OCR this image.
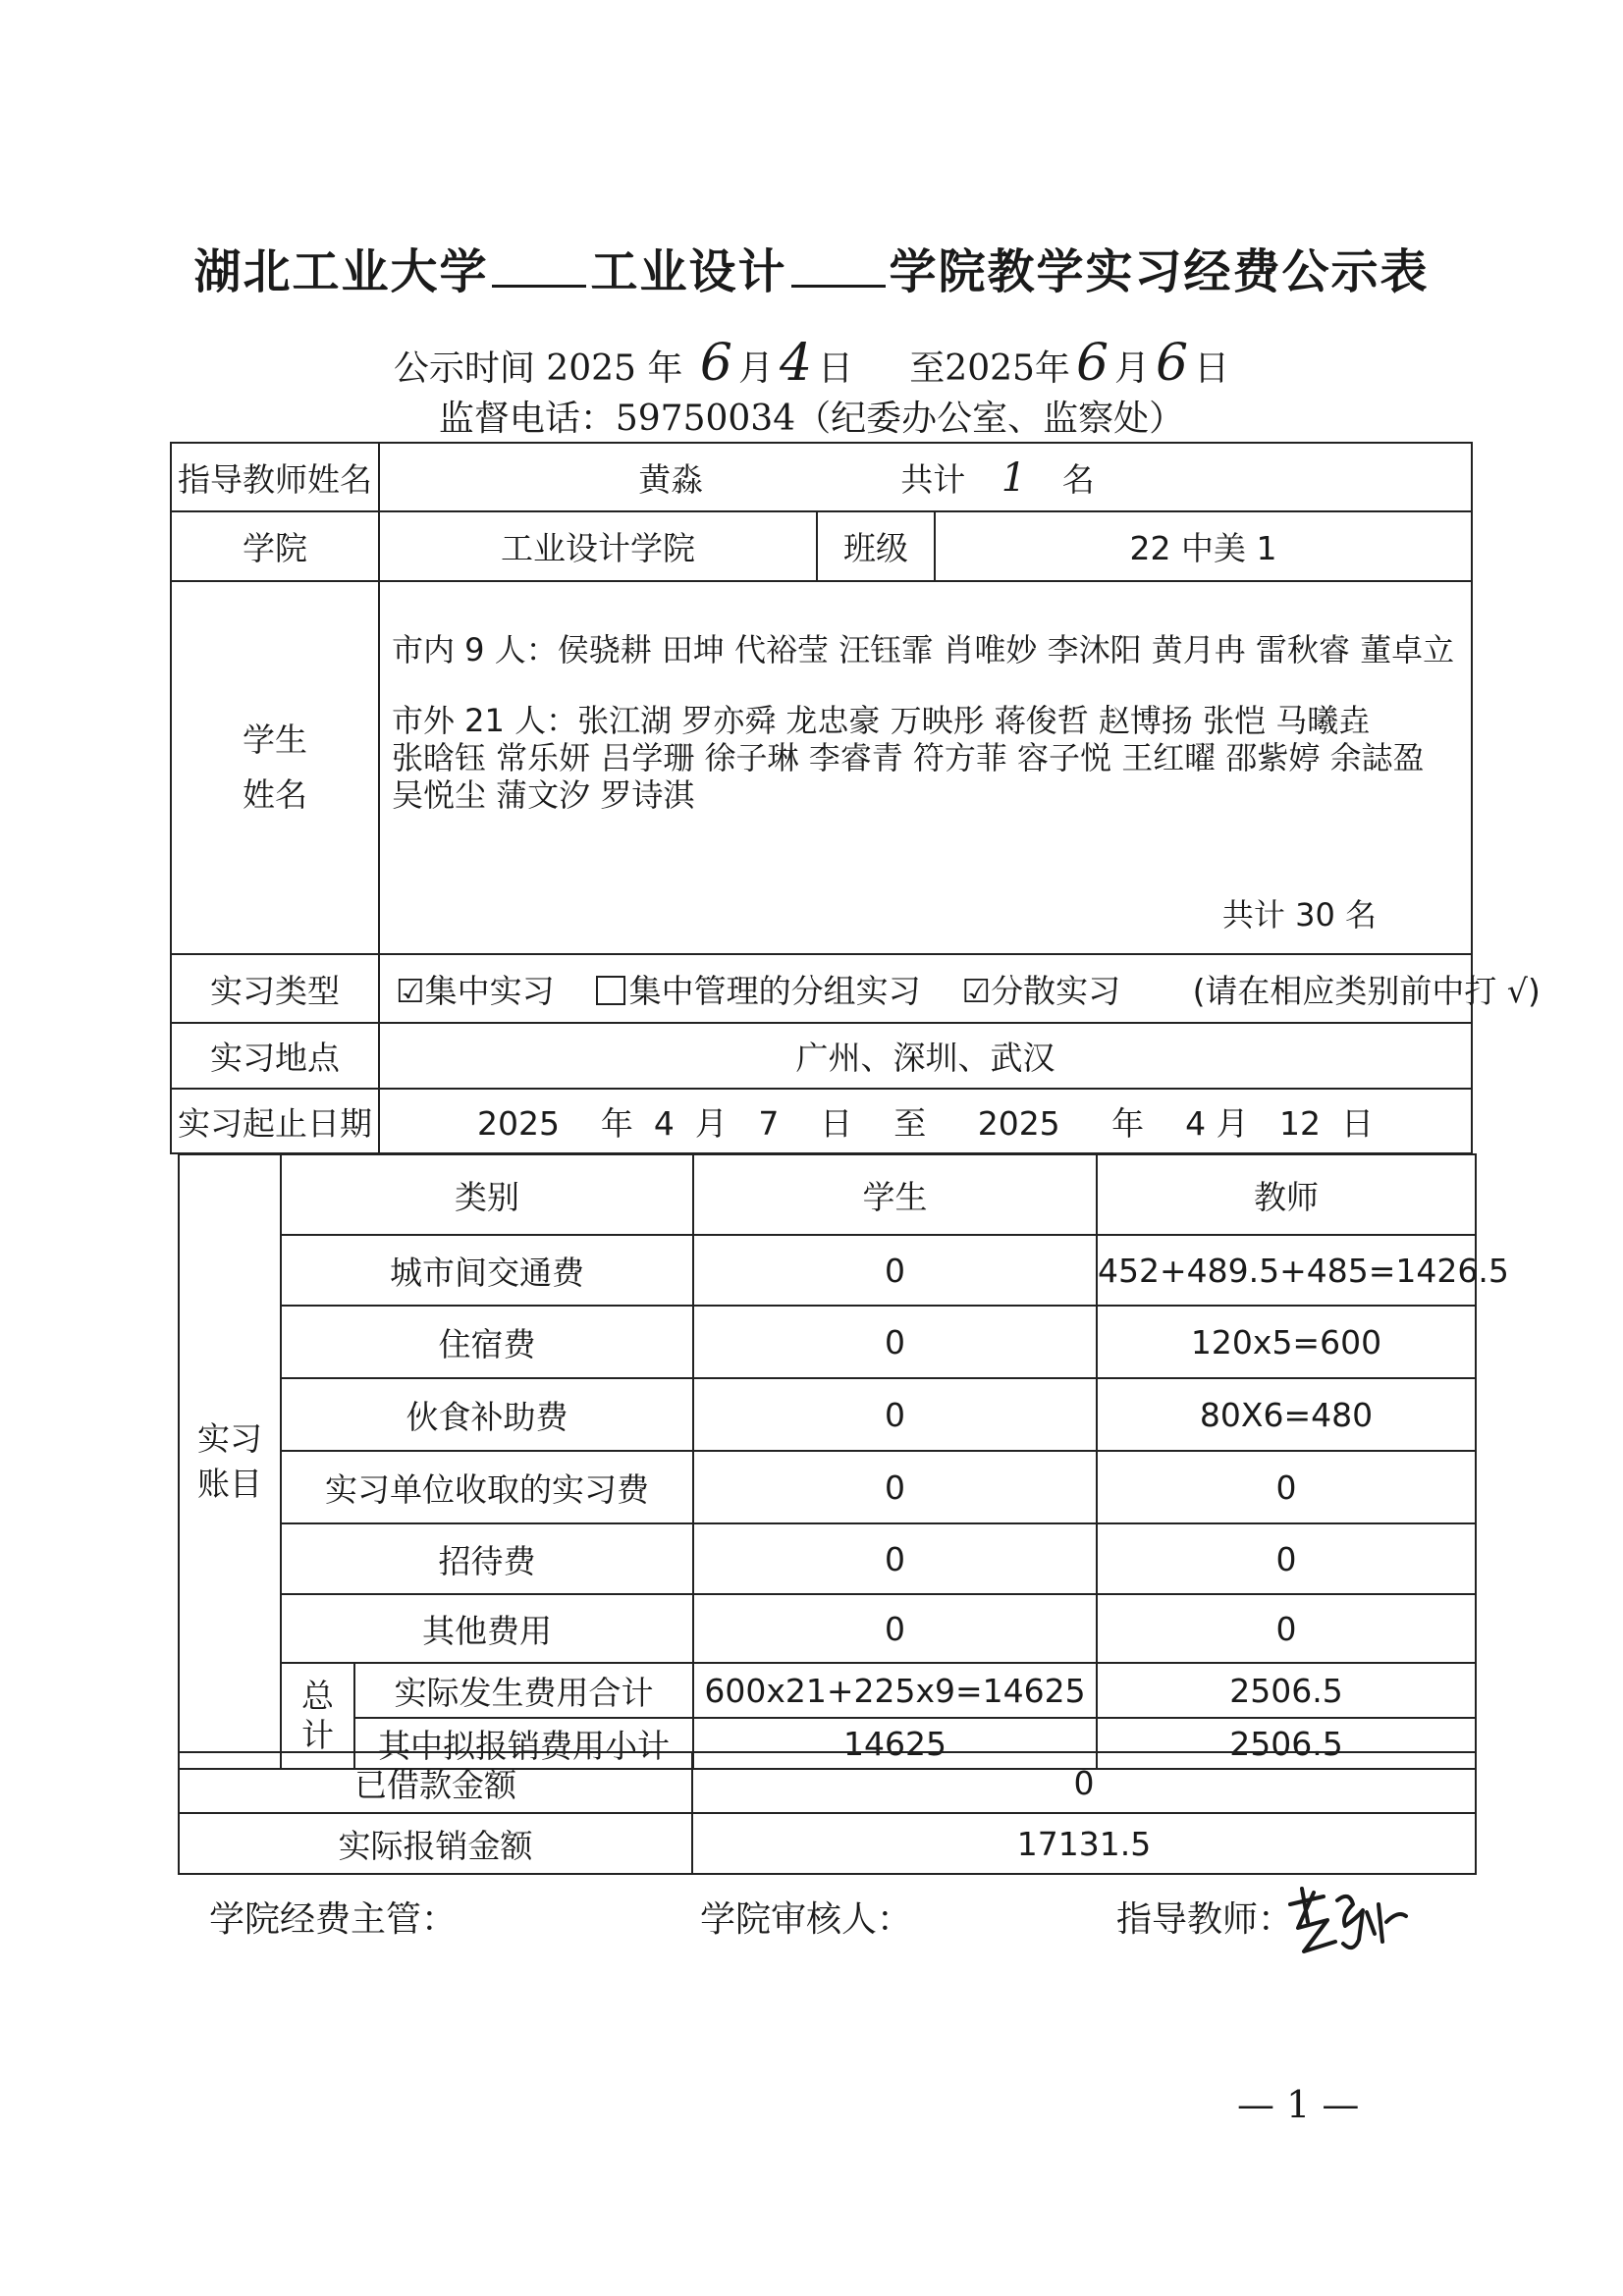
湖北工业大学 工业设计 学院教学实习经费公示表
公示时间 2025 年 6 月 4 日 至2025年 6 月 6 日
监督电话：59750034（纪委办公室、监察处）
指导教师姓名	黄淼 共计 1 名		
学院	工业设计学院	班级	22 中美 1

学生
姓名	市内 9 人：侯骁耕 田坤 代裕莹 汪钰霏 肖唯妙 李沐阳 黄月冉 雷秋睿 董卓立
市外 21 人：张江湖 罗亦舜 龙忠豪 万映彤 蒋俊哲 赵博扬 张恺 马曦垚
张晗钰 常乐妍 吕学珊 徐子琳 李睿青 符方菲 容子悦 王红曜 邵紫婷 余誌盈
吴悦尘 蒲文汐 罗诗淇
共计 30 名		

实习类型	☑集中实习 集中管理的分组实习 ☑分散实习 (请在相应类别前中打 √)		
实习地点	广州、深圳、武汉		
实习起止日期	2025    年  4  月   7    日    至     2025     年    4 月   12  日		
实习
账目	类别		学生	教师
	城市间交通费		0	452+489.5+485=1426.5
	住宿费		0	120x5=600
	伙食补助费		0	80X6=480
	实习单位收取的实习费		0	0
	招待费		0	0
	其他费用		0	0

	总
计	实际发生费用合计	600x21+225x9=14625	2506.5
		其中拟报销费用小计	14625	2506.5
已借款金额	0
实际报销金额	17131.5
学院经费主管：	学院审核人：	指导教师：
— 1 —
